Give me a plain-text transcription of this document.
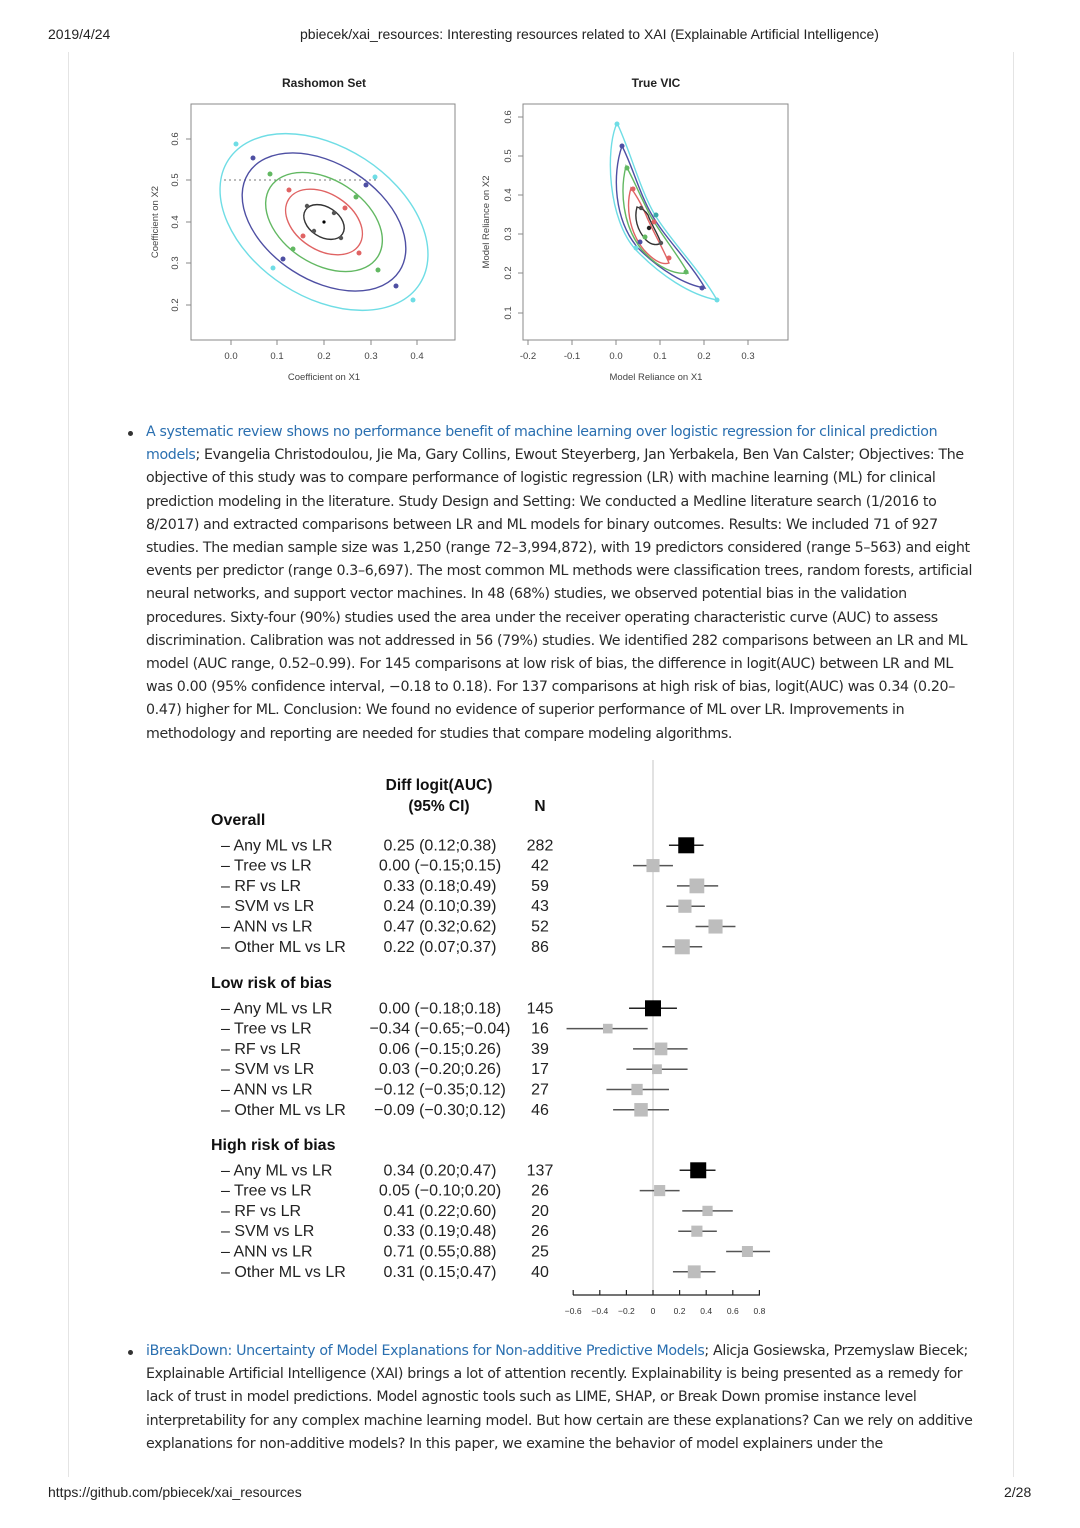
2019/4/24	pbiecek/xai_resources: Interesting resources related to XAI (Explainable Artificial Intelligence)
Rashomon Set
0.0	0.1	0.2	0.3	0.4
0.2
0.3
0.4
0.5
0.6
Coefficient on X1
Coefficient on X2
True VIC
-0.2	-0.1	0.0	0.1	0.2	0.3
0.1
0.2
0.3
0.4
0.5
0.6
Model Reliance on X1
Model Reliance on X2
A systematic review shows no performance benefit of machine learning over logistic regression for clinical prediction models; Evangelia Christodoulou, Jie Ma, Gary Collins, Ewout Steyerberg, Jan Yerbakela, Ben Van Calster; Objectives: The objective of this study was to compare performance of logistic regression (LR) with machine learning (ML) for clinical prediction modeling in the literature. Study Design and Setting: We conducted a Medline literature search (1/2016 to 8/2017) and extracted comparisons between LR and ML models for binary outcomes. Results: We included 71 of 927 studies. The median sample size was 1,250 (range 72–3,994,872), with 19 predictors considered (range 5–563) and eight events per predictor (range 0.3–6,697). The most common ML methods were classification trees, random forests, artificial neural networks, and support vector machines. In 48 (68%) studies, we observed potential bias in the validation procedures. Sixty-four (90%) studies used the area under the receiver operating characteristic curve (AUC) to assess discrimination. Calibration was not addressed in 56 (79%) studies. We identified 282 comparisons between an LR and ML model (AUC range, 0.52–0.99). For 145 comparisons at low risk of bias, the difference in logit(AUC) between LR and ML was 0.00 (95% confidence interval, −0.18 to 0.18). For 137 comparisons at high risk of bias, logit(AUC) was 0.34 (0.20–0.47) higher for ML. Conclusion: We found no evidence of superior performance of ML over LR. Improvements in methodology and reporting are needed for studies that compare modeling algorithms.
Diff logit(AUC)
(95% CI)	N
Overall
– Any ML vs LR	0.25 (0.12;0.38) 282
– Tree vs LR	0.00 (−0.15;0.15) 42
– RF vs LR	0.33 (0.18;0.49) 59
– SVM vs LR	0.24 (0.10;0.39) 43
– ANN vs LR	0.47 (0.32;0.62) 52
– Other ML vs LR 0.22 (0.07;0.37) 86
Low risk of bias
– Any ML vs LR	0.00 (−0.18;0.18) 145
– Tree vs LR	−0.34 (−0.65;−0.04) 16
– RF vs LR	0.06 (−0.15;0.26) 39
– SVM vs LR	0.03 (−0.20;0.26) 17
– ANN vs LR	−0.12 (−0.35;0.12) 27
– Other ML vs LR −0.09 (−0.30;0.12) 46
High risk of bias
– Any ML vs LR	0.34 (0.20;0.47) 137
– Tree vs LR	0.05 (−0.10;0.20) 26
– RF vs LR	0.41 (0.22;0.60) 20
– SVM vs LR	0.33 (0.19;0.48) 26
– ANN vs LR	0.71 (0.55;0.88) 25
– Other ML vs LR 0.31 (0.15;0.47) 40
−0.6 −0.4 −0.2 0 0.2 0.4 0.6 0.8
iBreakDown: Uncertainty of Model Explanations for Non-additive Predictive Models; Alicja Gosiewska, Przemyslaw Biecek; Explainable Artificial Intelligence (XAI) brings a lot of attention recently. Explainability is being presented as a remedy for lack of trust in model predictions. Model agnostic tools such as LIME, SHAP, or Break Down promise instance level interpretability for any complex machine learning model. But how certain are these explanations? Can we rely on additive explanations for non-additive models? In this paper, we examine the behavior of model explainers under the
https://github.com/pbiecek/xai_resources	2/28
